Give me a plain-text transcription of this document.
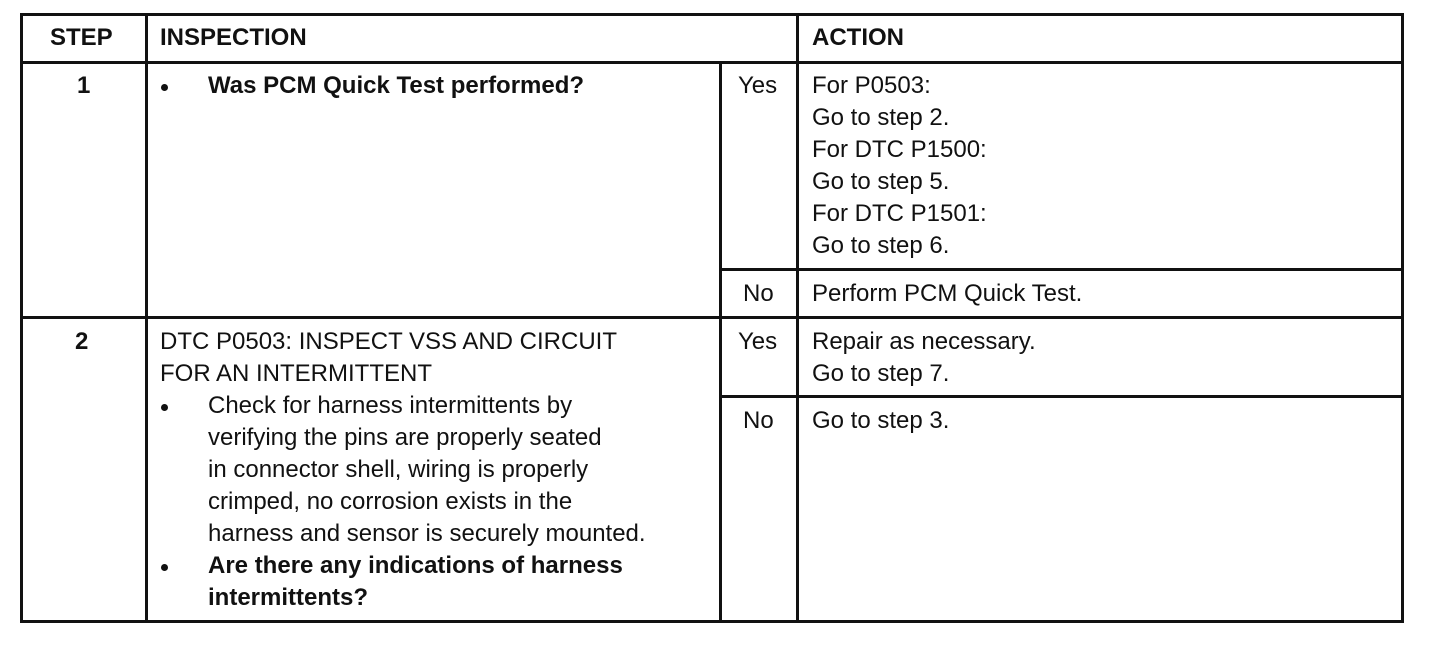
STEP INSPECTION	ACTION
1	Was PCM Quick Test performed?	Yes For P0503:
Go to step 2.
For DTC P1500:
Go to step 5.
For DTC P1501:
Go to step 6.
No Perform PCM Quick Test.
2	DTC P0503: INSPECT VSS AND CIRCUIT
FOR AN INTERMITTENT
Check for harness intermittents by
verifying the pins are properly seated
in connector shell, wiring is properly
crimped, no corrosion exists in the
harness and sensor is securely mounted.
Are there any indications of harness
intermittents?
Yes Repair as necessary.
Go to step 7.
No Go to step 3.
